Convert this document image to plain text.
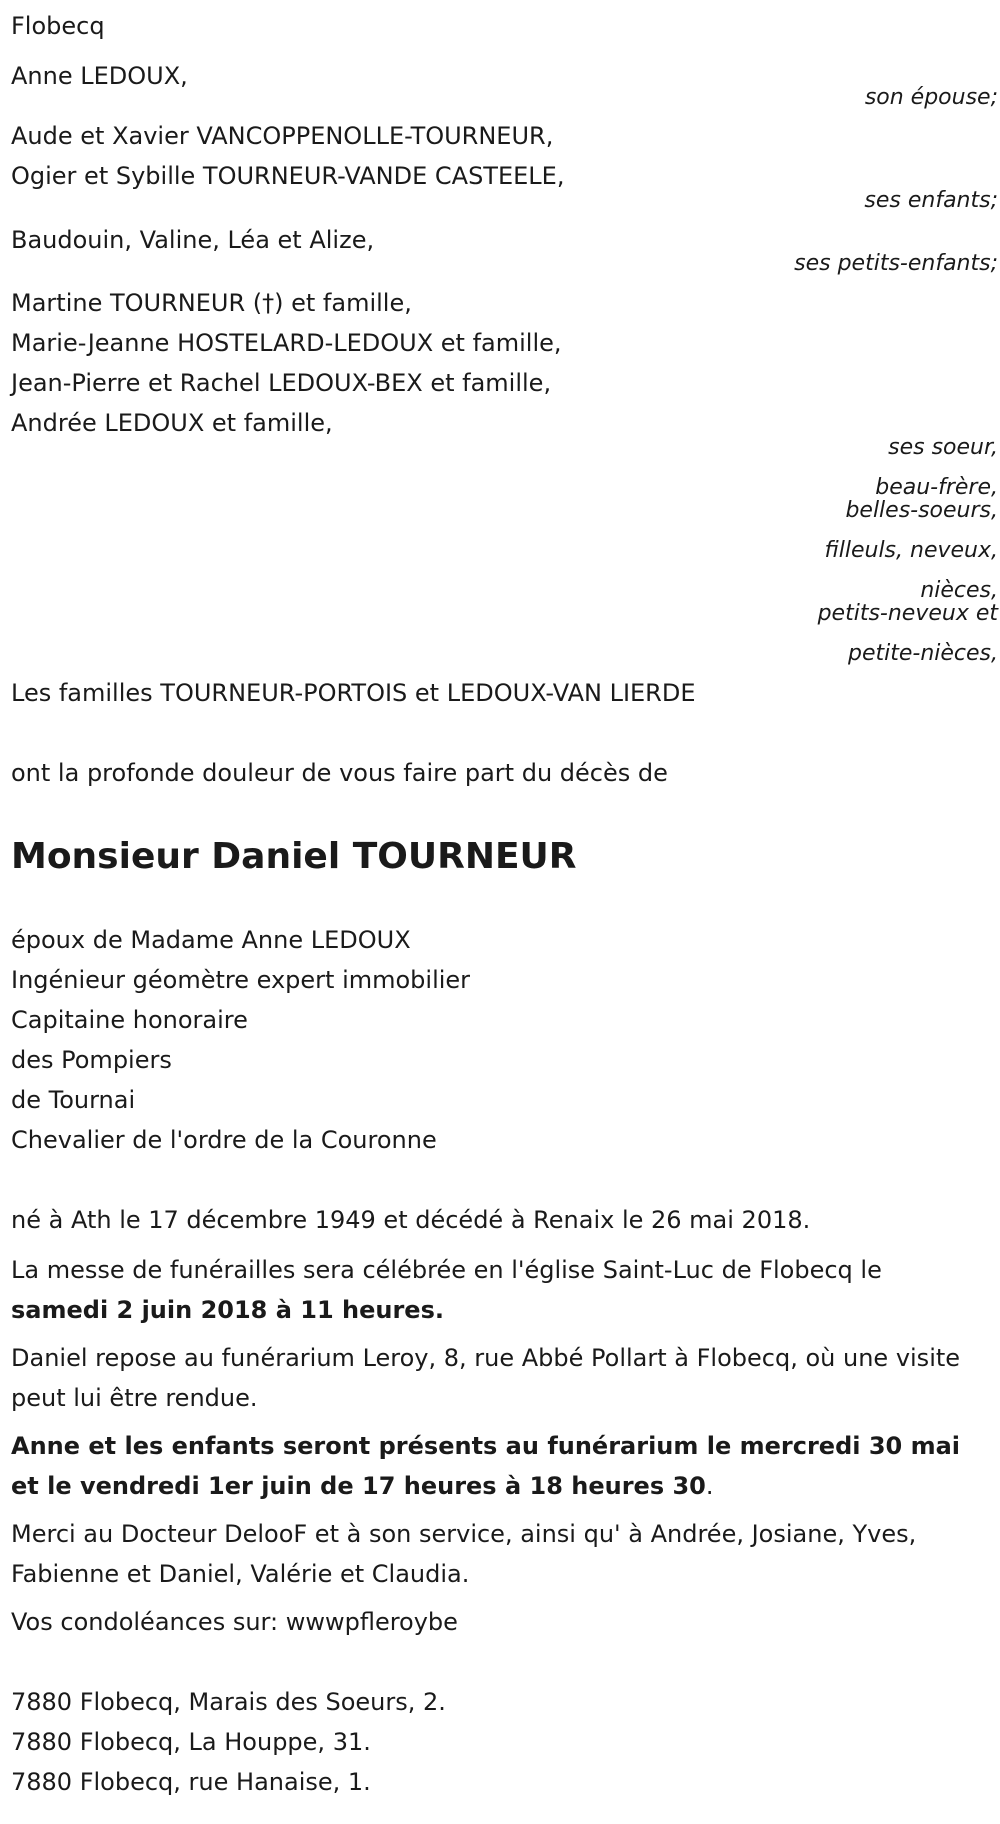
Flobecq

Anne LEDOUX,

son épouse;

Aude et Xavier VANCOPPENOLLE-TOURNEUR,

Ogier et Sybille TOURNEUR-VANDE CASTEELE,

ses enfants;

Baudouin, Valine, Léa et Alize,

ses petits-enfants;

Martine TOURNEUR (†) et famille,

Marie-Jeanne HOSTELARD-LEDOUX et famille,

Jean-Pierre et Rachel LEDOUX-BEX et famille,

Andrée LEDOUX et famille,

ses soeur,

beau-frère,

belles-soeurs,

filleuls, neveux,

nièces,

petits-neveux et

petite-nièces,

Les familles TOURNEUR-PORTOIS et LEDOUX-VAN LIERDE

ont la profonde douleur de vous faire part du décès de

Monsieur Daniel TOURNEUR

époux de Madame Anne LEDOUX

Ingénieur géomètre expert immobilier

Capitaine honoraire

des Pompiers

de Tournai

Chevalier de l'ordre de la Couronne

né à Ath le 17 décembre 1949 et décédé à Renaix le 26 mai 2018.

La messe de funérailles sera célébrée en l'église Saint-Luc de Flobecq le

samedi 2 juin 2018 à 11 heures.

Daniel repose au funérarium Leroy, 8, rue Abbé Pollart à Flobecq, où une visite peut lui être rendue.

Anne et les enfants seront présents au funérarium le mercredi 30 mai et le vendredi 1er juin de 17 heures à 18 heures 30.

Merci au Docteur DelooF et à son service, ainsi qu' à Andrée, Josiane, Yves, Fabienne et Daniel, Valérie et Claudia.

Vos condoléances sur: wwwpfleroybe

7880 Flobecq, Marais des Soeurs, 2.

7880 Flobecq, La Houppe, 31.

7880 Flobecq, rue Hanaise, 1.
